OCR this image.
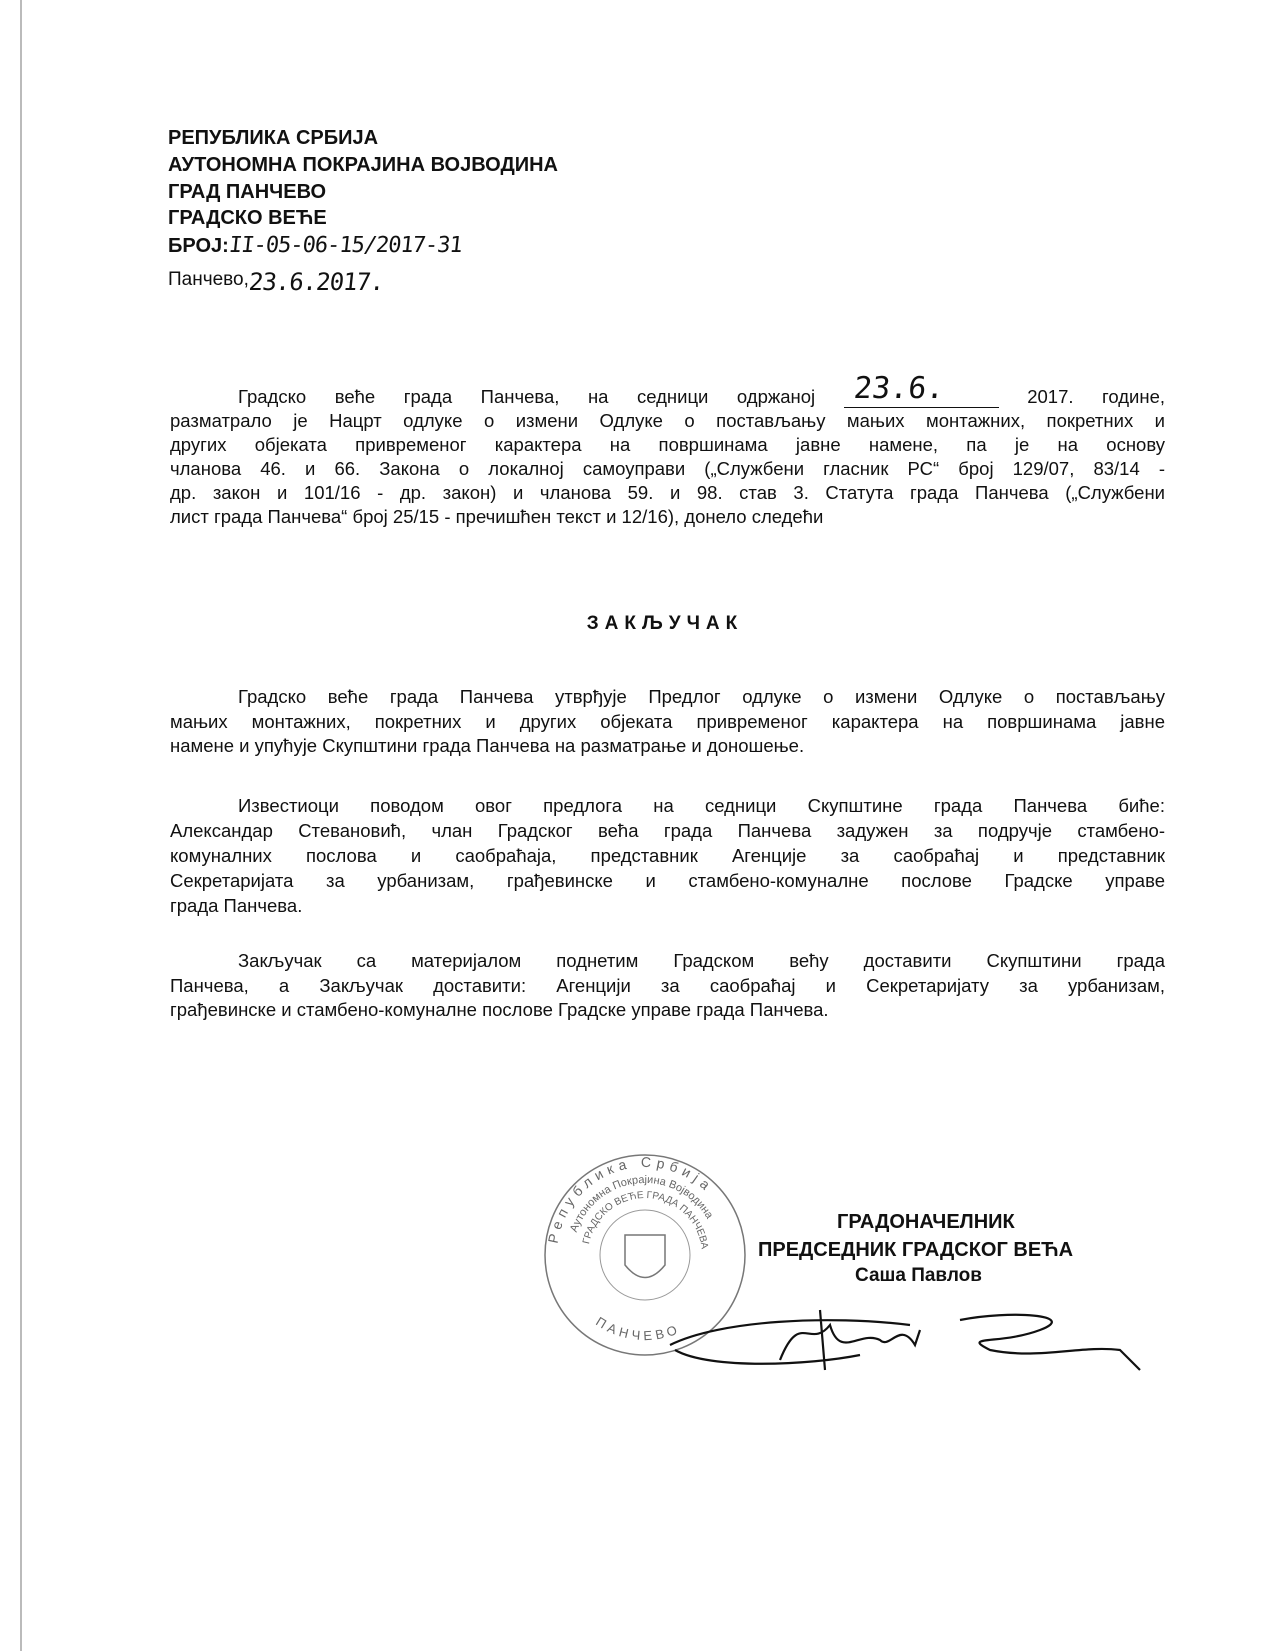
РЕПУБЛИКА СРБИЈА
АУТОНОМНА ПОКРАЈИНА ВОЈВОДИНА
ГРАД ПАНЧЕВО
ГРАДСКО ВЕЋЕ
БРОЈ:II-05-06-15/2017-31
Панчево,23.6.2017.
Градско веће града Панчева, на седници одржаној 23.6.	2017. године,
разматрало је Нацрт одлуке о измени Одлуке о постављању мањих монтажних, покретних и
других објеката привременог карактера на површинама јавне намене, па је на основу
чланова 46. и 66. Закона о локалној самоуправи („Службени гласник РС“ број 129/07, 83/14 -
др. закон и 101/16 - др. закон) и чланова 59. и 98. став 3. Статута града Панчева („Службени
лист града Панчева“ број 25/15 - пречишћен текст и 12/16), донело следећи
ЗАКЉУЧАК
Градско веће града Панчева утврђује Предлог одлуке о измени Одлуке о постављању
мањих монтажних, покретних и других објеката привременог карактера на површинама јавне
намене и упућује Скупштини града Панчева на разматрање и доношење.
Известиоци поводом овог предлога на седници Скупштине града Панчева биће:
Александар Стевановић, члан Градског већа града Панчева задужен за подручје стамбено-
комуналних послова и саобраћаја, представник Агенције за саобраћај и представник
Секретаријата за урбанизам, грађевинске и стамбено-комуналне послове Градске управе
града Панчева.
Закључак са материјалом поднетим Градском већу доставити Скупштини града
Панчева, а Закључак доставити: Агенцији за саобраћај и Секретаријату за урбанизам,
грађевинске и стамбено-комуналне послове Градске управе града Панчева.
Република Србија
Аутономна Покрајина Војводина
ГРАДСКО ВЕЋЕ ГРАДА ПАНЧЕВА
ПАНЧЕВО
ГРАДОНАЧЕЛНИК
ПРЕДСЕДНИК ГРАДСКОГ ВЕЋА
Саша Павлов
